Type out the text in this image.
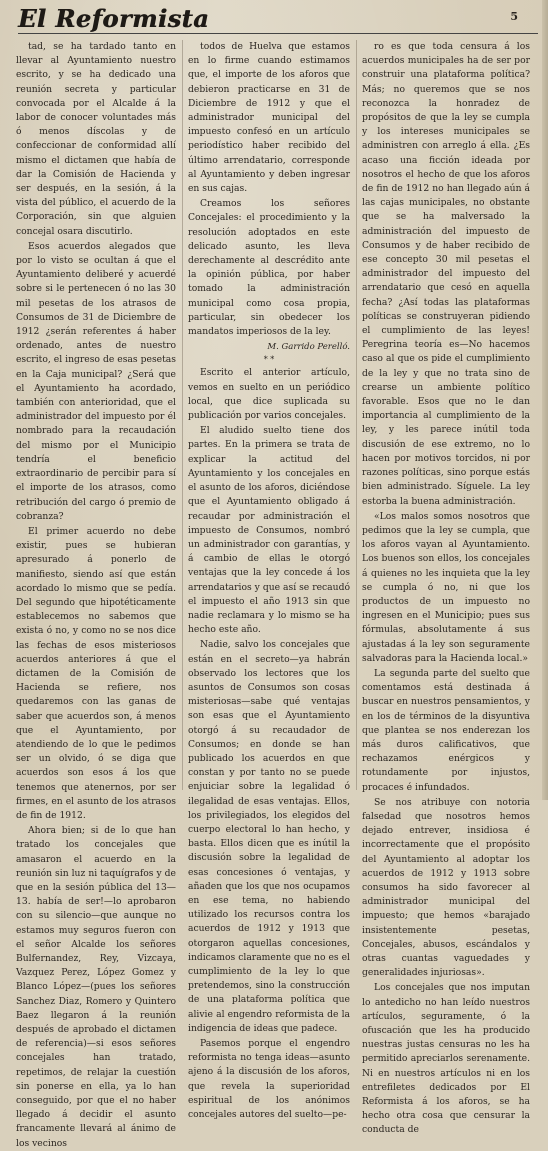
El Reformista	5

tad, se ha tardado tanto en llevar al Ayuntamiento nuestro escrito, y se ha dedicado una reunión secreta y particular convocada por el Alcalde á la labor de conocer voluntades más ó menos díscolas y de confeccionar de conformidad allí mismo el dictamen que había de dar la Comisión de Hacienda y ser después, en la sesión, á la vista del público, el acuerdo de la Corporación, sin que alguien concejal osara discutirlo.

Esos acuerdos alegados que por lo visto se ocultan á que el Ayuntamiento deliberé y acuerdé sobre si le pertenecen ó no las 30 mil pesetas de los atrasos de Consumos de 31 de Diciembre de 1912 ¿serán referentes á haber ordenado, antes de nuestro escrito, el ingreso de esas pesetas en la Caja municipal? ¿Será que el Ayuntamiento ha acordado, también con anterioridad, que el administrador del impuesto por él nombrado para la recaudación del mismo por el Municipio tendría el beneficio extraordinario de percibir para sí el importe de los atrasos, como retribución del cargo ó premio de cobranza?

El primer acuerdo no debe existir, pues se hubieran apresurado á ponerlo de manifiesto, siendo así que están acordado lo mismo que se pedía. Del segundo que hipotéticamente establecemos no sabemos que exista ó no, y como no se nos dice las fechas de esos misteriosos acuerdos anteriores á que el dictamen de la Comisión de Hacienda se refiere, nos quedaremos con las ganas de saber que acuerdos son, á menos que el Ayuntamiento, por atendiendo de lo que le pedimos ser un olvido, ó se diga que acuerdos son esos á los que tenemos que atenernos, por ser firmes, en el asunto de los atrasos de fin de 1912.

Ahora bien; si de lo que han tratado los concejales que amasaron el acuerdo en la reunión sin luz ni taquígrafos y de que en la sesión pública del 13—13. había de ser!—lo aprobaron con su silencio—que aunque no estamos muy seguros fueron con el señor Alcalde los señores Bulfernandez, Rey, Vizcaya, Vazquez Perez, López Gomez y Blanco López—(pues los señores Sanchez Diaz, Romero y Quintero Baez llegaron á la reunión después de aprobado el dictamen de referencia)—si esos señores concejales han tratado, repetimos, de relajar la cuestión sin ponerse en ella, ya lo han conseguido, por que el no haber llegado á decidir el asunto francamente llevará al ánimo de los vecinos

todos de Huelva que estamos en lo firme cuando estimamos que, el importe de los aforos que debieron practicarse en 31 de Diciembre de 1912 y que el administrador municipal del impuesto confesó en un artículo periodístico haber recibido del último arrendatario, corresponde al Ayuntamiento y deben ingresar en sus cajas.

Creamos los señores Concejales: el procedimiento y la resolución adoptados en este delicado asunto, les lleva derechamente al descrédito ante la opinión pública, por haber tomado la administración municipal como cosa propia, particular, sin obedecer los mandatos imperiosos de la ley.

M. Garrido Perelló.

* *

Escrito el anterior artículo, vemos en suelto en un periódico local, que dice suplicada su publicación por varios concejales.

El aludido suelto tiene dos partes. En la primera se trata de explicar la actitud del Ayuntamiento y los concejales en el asunto de los aforos, diciéndose que el Ayuntamiento obligado á recaudar por administración el impuesto de Consumos, nombró un administrador con garantías, y á cambio de ellas le otorgó ventajas que la ley concede á los arrendatarios y que así se recaudó el impuesto el año 1913 sin que nadie reclamara y lo mismo se ha hecho este año.

Nadie, salvo los concejales que están en el secreto—ya habrán observado los lectores que los asuntos de Consumos son cosas misteriosas—sabe qué ventajas son esas que el Ayuntamiento otorgó á su recaudador de Consumos; en donde se han publicado los acuerdos en que constan y por tanto no se puede enjuiciar sobre la legalidad ó ilegalidad de esas ventajas. Ellos, los privilegiados, los elegidos del cuerpo electoral lo han hecho, y basta. Ellos dicen que es inútil la discusión sobre la legalidad de esas concesiones ó ventajas, y añaden que los que nos ocupamos en ese tema, no habiendo utilizado los recursos contra los acuerdos de 1912 y 1913 que otorgaron aquellas concesiones, indicamos claramente que no es el cumplimiento de la ley lo que pretendemos, sino la construcción de una plataforma política que alivie al engendro reformista de la indigencia de ideas que padece.

Pasemos porque el engendro reformista no tenga ideas—asunto ajeno á la discusión de los aforos, que revela la superioridad espiritual de los anónimos concejales autores del suelto—pe-

ro es que toda censura á los acuerdos municipales ha de ser por construir una plataforma política? Más; no queremos que se nos reconozca la honradez de propósitos de que la ley se cumpla y los intereses municipales se administren con arreglo á ella. ¿Es acaso una ficción ideada por nosotros el hecho de que los aforos de fin de 1912 no han llegado aún á las cajas municipales, no obstante que se ha malversado la administración del impuesto de Consumos y de haber recibido de ese concepto 30 mil pesetas el administrador del impuesto del arrendatario que cesó en aquella fecha? ¿Así todas las plataformas políticas se construyeran pidiendo el cumplimiento de las leyes! Peregrina teoría es—No hacemos caso al que os pide el cumplimiento de la ley y que no trata sino de crearse un ambiente político favorable. Esos que no le dan importancia al cumplimiento de la ley, y les parece inútil toda discusión de ese extremo, no lo hacen por motivos torcidos, ni por razones políticas, sino porque estás bien administrado. Síguele. La ley estorba la buena administración.

«Los malos somos nosotros que pedimos que la ley se cumpla, que los aforos vayan al Ayuntamiento. Los buenos son ellos, los concejales á quienes no les inquieta que la ley se cumpla ó no, ni que los productos de un impuesto no ingresen en el Municipio; pues sus fórmulas, absolutamente á sus ajustadas á la ley son seguramente salvadoras para la Hacienda local.»

La segunda parte del suelto que comentamos está destinada á buscar en nuestros pensamientos, y en los de términos de la disyuntiva que plantea se nos enderezan los más duros calificativos, que rechazamos enérgicos y rotundamente por injustos, procaces é infundados.

Se nos atribuye con notoria falsedad que nosotros hemos dejado entrever, insidiosa é incorrectamente que el propósito del Ayuntamiento al adoptar los acuerdos de 1912 y 1913 sobre consumos ha sido favorecer al administrador municipal del impuesto; que hemos «barajado insistentemente pesetas, Concejales, abusos, escándalos y otras cuantas vaguedades y generalidades injuriosas».

Los concejales que nos imputan lo antedicho no han leído nuestros artículos, seguramente, ó la ofuscación que les ha producido nuestras justas censuras no les ha permitido apreciarlos serenamente. Ni en nuestros artículos ni en los entrefiletes dedicados por El Reformista á los aforos, se ha hecho otra cosa que censurar la conducta de
